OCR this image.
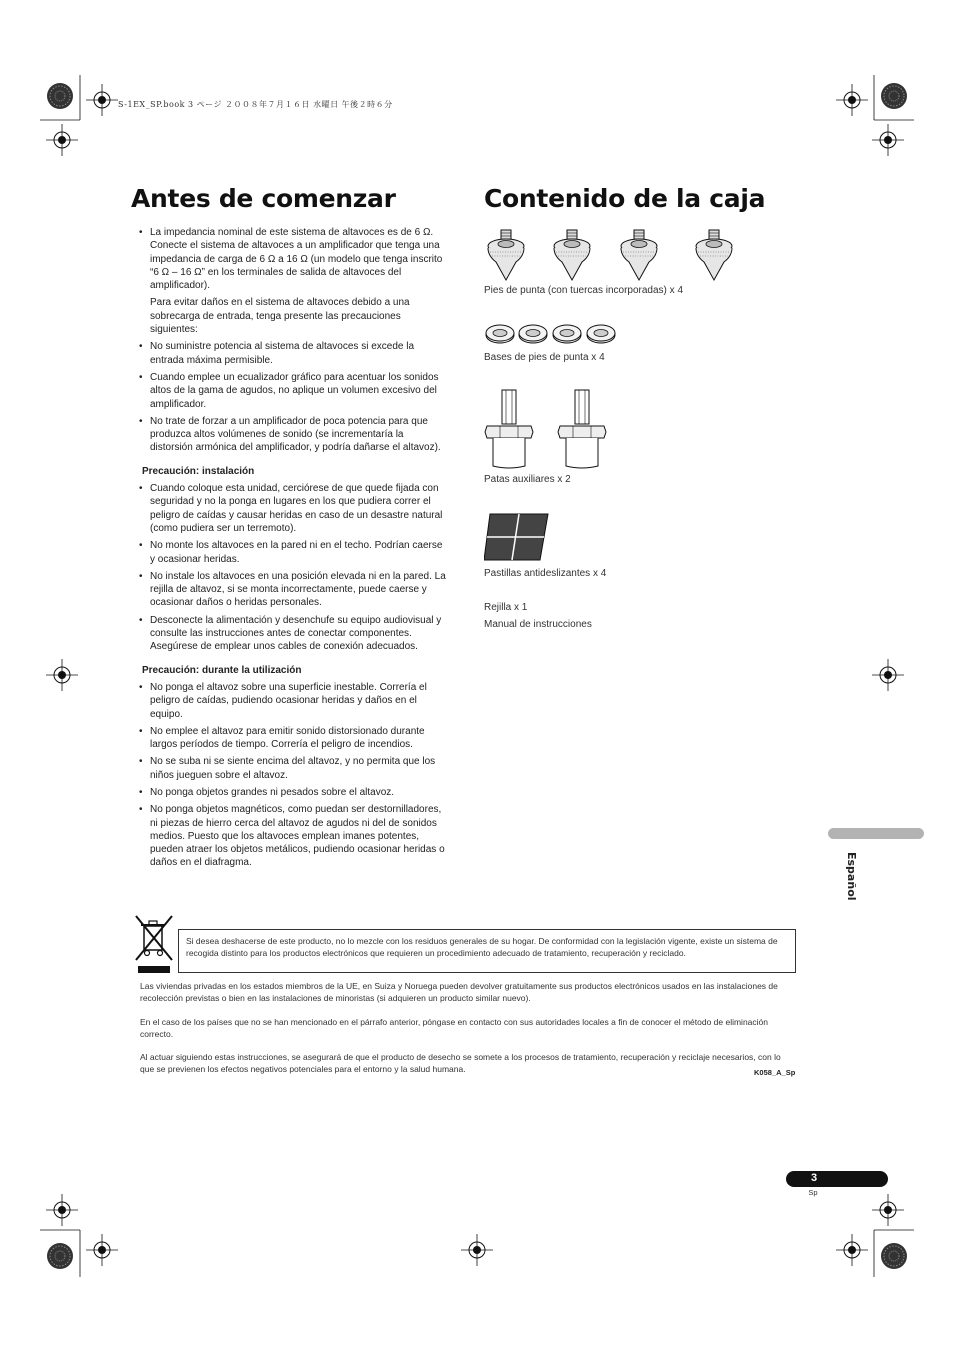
S-1EX_SP.book 3 ページ ２００８年７月１６日 水曜日 午後２時６分
Antes de comenzar	Contenido de la caja
• La impedancia nominal de este sistema de altavoces es de 6 Ω. Conecte el sistema de altavoces a un amplificador que tenga una impedancia de carga de 6 Ω a 16 Ω (un modelo que tenga inscrito “6 Ω – 16 Ω” en los terminales de salida de altavoces del amplificador).

Para evitar daños en el sistema de altavoces debido a una sobrecarga de entrada, tenga presente las precauciones siguientes:

• No suministre potencia al sistema de altavoces si excede la entrada máxima permisible.
• Cuando emplee un ecualizador gráfico para acentuar los sonidos altos de la gama de agudos, no aplique un volumen excesivo del amplificador.
• No trate de forzar a un amplificador de poca potencia para que produzca altos volúmenes de sonido (se incrementaría la distorsión armónica del amplificador, y podría dañarse el altavoz).
Precaución: instalación
• Cuando coloque esta unidad, cerciórese de que quede fijada con seguridad y no la ponga en lugares en los que pudiera correr el peligro de caídas y causar heridas en caso de un desastre natural (como pudiera ser un terremoto).
• No monte los altavoces en la pared ni en el techo. Podrían caerse y ocasionar heridas.
• No instale los altavoces en una posición elevada ni en la pared. La rejilla de altavoz, si se monta incorrectamente, puede caerse y ocasionar daños o heridas personales.
• Desconecte la alimentación y desenchufe su equipo audiovisual y consulte las instrucciones antes de conectar componentes. Asegúrese de emplear unos cables de conexión adecuados.
Precaución: durante la utilización
• No ponga el altavoz sobre una superficie inestable. Correría el peligro de caídas, pudiendo ocasionar heridas y daños en el equipo.
• No emplee el altavoz para emitir sonido distorsionado durante largos períodos de tiempo. Correría el peligro de incendios.
• No se suba ni se siente encima del altavoz, y no permita que los niños jueguen sobre el altavoz.
• No ponga objetos grandes ni pesados sobre el altavoz.
• No ponga objetos magnéticos, como puedan ser destornilladores, ni piezas de hierro cerca del altavoz de agudos ni del de sonidos medios. Puesto que los altavoces emplean imanes potentes, pueden atraer los objetos metálicos, pudiendo ocasionar heridas o daños en el diafragma.
Pies de punta (con tuercas incorporadas) x 4
Bases de pies de punta x 4
Patas auxiliares x 2
Pastillas antideslizantes x 4
Rejilla x 1
Manual de instrucciones
Español
Si desea deshacerse de este producto, no lo mezcle con los residuos generales de su hogar. De conformidad con la legislación vigente, existe un sistema de recogida distinto para los productos electrónicos que requieren un procedimiento adecuado de tratamiento, recuperación y reciclado.
Las viviendas privadas en los estados miembros de la UE, en Suiza y Noruega pueden devolver gratuitamente sus productos electrónicos usados en las instalaciones de recolección previstas o bien en las instalaciones de minoristas (si adquieren un producto similar nuevo).
En el caso de los países que no se han mencionado en el párrafo anterior, póngase en contacto con sus autoridades locales a fin de conocer el método de eliminación correcto.
Al actuar siguiendo estas instrucciones, se asegurará de que el producto de desecho se somete a los procesos de tratamiento, recuperación y reciclaje necesarios, con lo que se previenen los efectos negativos potenciales para el entorno y la salud humana.	K058_A_Sp
3
Sp
